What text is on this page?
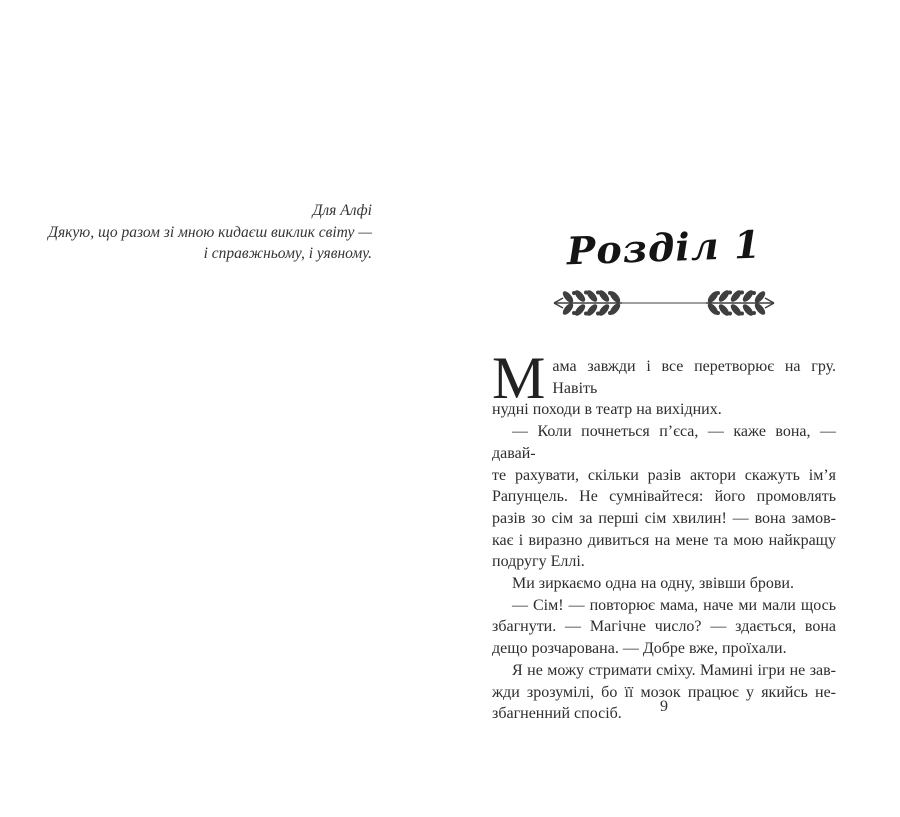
Для Алфі
Дякую, що разом зі мною кидаєш виклик світу —
і справжньому, і уявному.	Розділ 1
М ама завжди і все перетворює на гру. Навіть
нудні походи в театр на вихідних.
— Коли почнеться п’єса, — каже вона, — давай-
те рахувати, скільки разів актори скажуть ім’я
Рапунцель. Не сумнівайтеся: його промовлять
разів зо сім за перші сім хвилин! — вона замов-
кає і виразно дивиться на мене та мою найкращу
подругу Еллі.
Ми зиркаємо одна на одну, звівши брови.
— Сім! — повторює мама, наче ми мали щось
збагнути. — Магічне число? — здається, вона
дещо розчарована. — Добре вже, проїхали.
Я не можу стримати сміху. Мамині ігри не зав-
жди зрозумілі, бо її мозок працює у якийсь не-
збагненний спосіб.	9
